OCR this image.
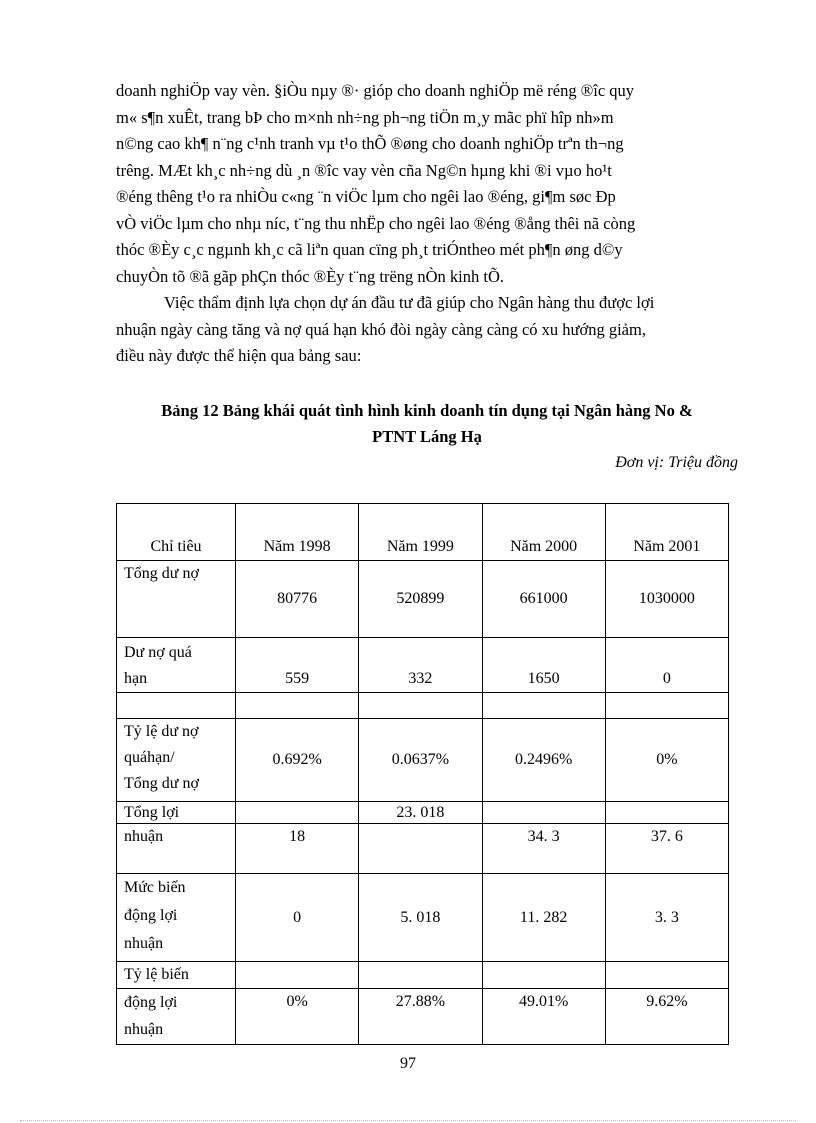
doanh nghiÖp vay vèn. §iÒu nµy ®· gióp cho doanh nghiÖp më réng ®îc quy
m« s¶n xuÊt, trang bÞ cho m×nh nh÷ng ph¬ng tiÖn m¸y mãc phï hîp nh»m
n©ng cao kh¶ n¨ng c¹nh tranh vµ t¹o thÕ ®øng cho doanh nghiÖp trªn th¬ng
trêng. MÆt kh¸c nh÷ng dù ¸n ®îc vay vèn cña Ng©n hµng khi ®i vµo ho¹t
®éng thêng t¹o ra nhiÒu c«ng ¨n viÖc lµm cho ngêi lao ®éng, gi¶m søc Ðp
vÒ viÖc lµm cho nhµ níc, t¨ng thu nhËp cho ngêi lao ®éng ®ång thêi nã còng
thóc ®Èy c¸c ngµnh kh¸c cã liªn quan cïng ph¸t triÓntheo mét ph¶n øng d©y
chuyÒn tõ ®ã gãp phÇn thóc ®Èy t¨ng trëng nÒn kinh tÕ.
Việc thẩm định lựa chọn dự án đầu tư đã giúp cho Ngân hàng thu được lợi
nhuận ngày càng tăng và nợ quá hạn khó đòi ngày càng càng có xu hướng giảm,
điều này được thể hiện qua bảng sau:
Bảng 12 Bảng khái quát tình hình kinh doanh tín dụng tại Ngân hàng No &
PTNT Láng Hạ
Đơn vị: Triệu đồng
Chỉ tiêu	Năm 1998	Năm 1999	Năm 2000	Năm 2001
Tổng dư nợ	80776	520899	661000	1030000

Dư nợ quá
hạn	559	332	1650	0

Tỷ lệ dư nợ
quáhạn/
Tổng dư nợ	0.692%	0.0637%	0.2496%	0%
Tổng lợi		23. 018		
nhuận	18		34. 3	37. 6

Mức biến
động lợi
nhuận	0	5. 018	11. 282	3. 3
Tỷ lệ biến				

động lợi
nhuận	0%	27.88%	49.01%	9.62%
97
